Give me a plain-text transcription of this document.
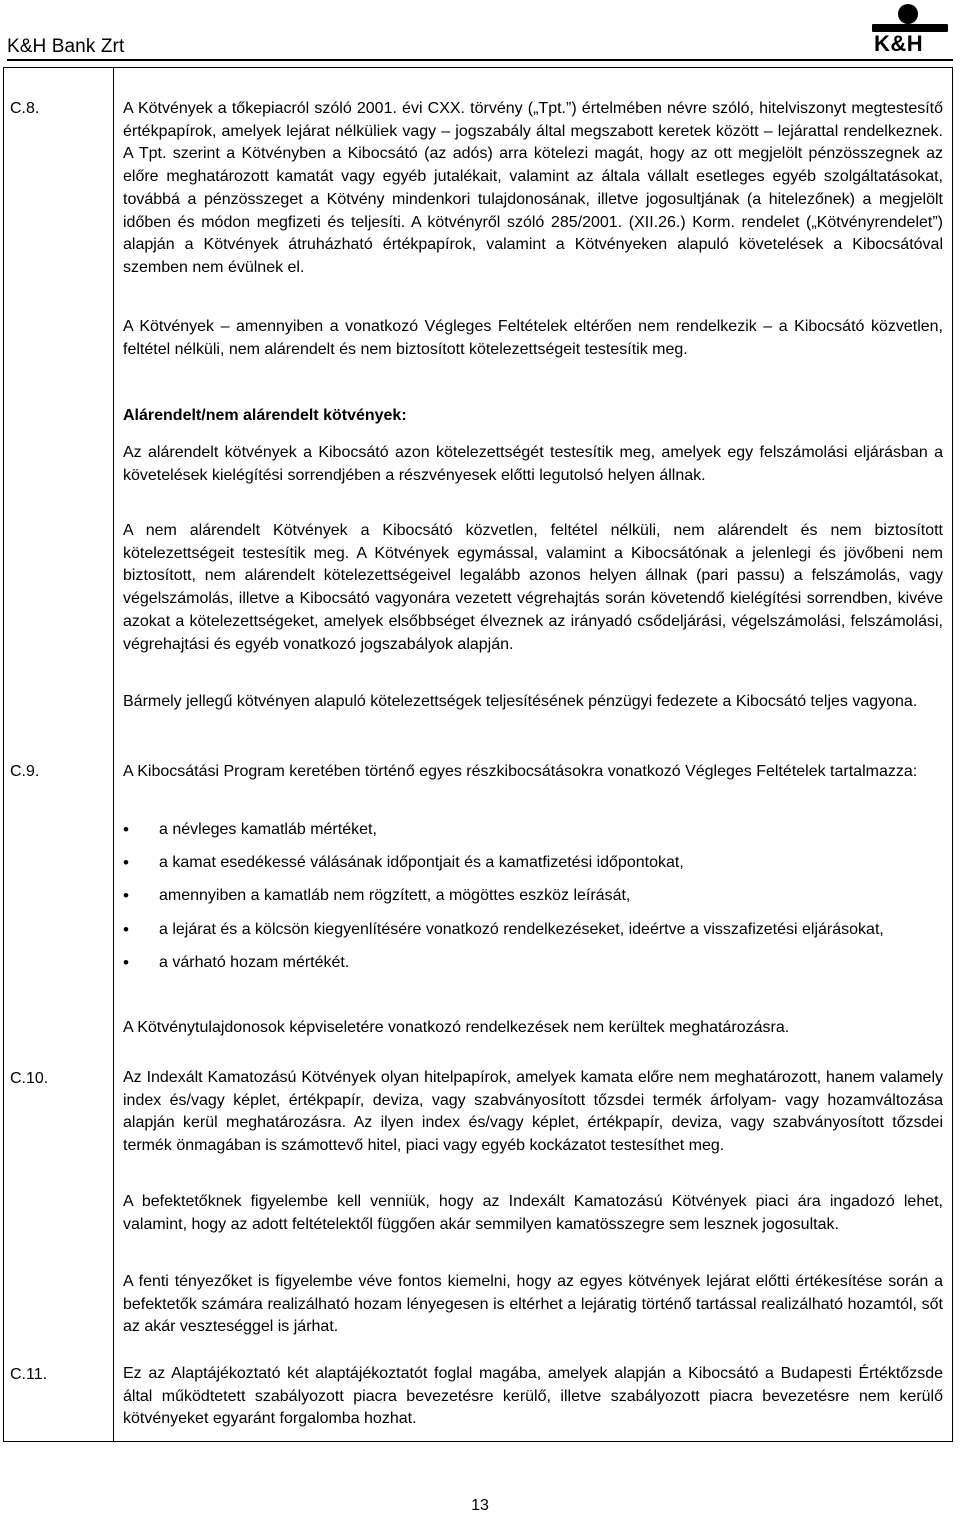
K&H Bank Zrt	K&H
C.8.	A Kötvények a tőkepiacról szóló 2001. évi CXX. törvény („Tpt.”) értelmében névre szóló, hitelviszonyt megtestesítő értékpapírok, amelyek lejárat nélküliek vagy – jogszabály által megszabott keretek között – lejárattal rendelkeznek. A Tpt. szerint a Kötvényben a Kibocsátó (az adós) arra kötelezi magát, hogy az ott megjelölt pénzösszegnek az előre meghatározott kamatát vagy egyéb jutalékait, valamint az általa vállalt esetleges egyéb szolgáltatásokat, továbbá a pénzösszeget a Kötvény mindenkori tulajdonosának, illetve jogosultjának (a hitelezőnek) a megjelölt időben és módon megfizeti és teljesíti. A kötvényről szóló 285/2001. (XII.26.) Korm. rendelet („Kötvényrendelet”) alapján a Kötvények átruházható értékpapírok, valamint a Kötvényeken alapuló követelések a Kibocsátóval szemben nem évülnek el.

A Kötvények – amennyiben a vonatkozó Végleges Feltételek eltérően nem rendelkezik – a Kibocsátó közvetlen, feltétel nélküli, nem alárendelt és nem biztosított kötelezettségeit testesítik meg.

Alárendelt/nem alárendelt kötvények:

Az alárendelt kötvények a Kibocsátó azon kötelezettségét testesítik meg, amelyek egy felszámolási eljárásban a követelések kielégítési sorrendjében a részvényesek előtti legutolsó helyen állnak.

A nem alárendelt Kötvények a Kibocsátó közvetlen, feltétel nélküli, nem alárendelt és nem biztosított kötelezettségeit testesítik meg. A Kötvények egymással, valamint a Kibocsátónak a jelenlegi és jövőbeni nem biztosított, nem alárendelt kötelezettségeivel legalább azonos helyen állnak (pari passu) a felszámolás, vagy végelszámolás, illetve a Kibocsátó vagyonára vezetett végrehajtás során követendő kielégítési sorrendben, kivéve azokat a kötelezettségeket, amelyek elsőbbséget élveznek az irányadó csődeljárási, végelszámolási, felszámolási, végrehajtási és egyéb vonatkozó jogszabályok alapján.

Bármely jellegű kötvényen alapuló kötelezettségek teljesítésének pénzügyi fedezete a Kibocsátó teljes vagyona.

C.9.	A Kibocsátási Program keretében történő egyes részkibocsátásokra vonatkozó Végleges Feltételek tartalmazza:

• a névleges kamatláb mértéket,
• a kamat esedékessé válásának időpontjait és a kamatfizetési időpontokat,
• amennyiben a kamatláb nem rögzített, a mögöttes eszköz leírását,
• a lejárat és a kölcsön kiegyenlítésére vonatkozó rendelkezéseket, ideértve a visszafizetési eljárásokat,
• a várható hozam mértékét.

A Kötvénytulajdonosok képviseletére vonatkozó rendelkezések nem kerültek meghatározásra.

C.10.	Az Indexált Kamatozású Kötvények olyan hitelpapírok, amelyek kamata előre nem meghatározott, hanem valamely index és/vagy képlet, értékpapír, deviza, vagy szabványosított tőzsdei termék árfolyam- vagy hozamváltozása alapján kerül meghatározásra. Az ilyen index és/vagy képlet, értékpapír, deviza, vagy szabványosított tőzsdei termék önmagában is számottevő hitel, piaci vagy egyéb kockázatot testesíthet meg.

A befektetőknek figyelembe kell venniük, hogy az Indexált Kamatozású Kötvények piaci ára ingadozó lehet, valamint, hogy az adott feltételektől függően akár semmilyen kamatösszegre sem lesznek jogosultak.

A fenti tényezőket is figyelembe véve fontos kiemelni, hogy az egyes kötvények lejárat előtti értékesítése során a befektetők számára realizálható hozam lényegesen is eltérhet a lejáratig történő tartással realizálható hozamtól, sőt az akár veszteséggel is járhat.

C.11.	Ez az Alaptájékoztató két alaptájékoztatót foglal magába, amelyek alapján a Kibocsátó a Budapesti Értéktőzsde által működtetett szabályozott piacra bevezetésre kerülő, illetve szabályozott piacra bevezetésre nem kerülő kötvényeket egyaránt forgalomba hozhat.

13
